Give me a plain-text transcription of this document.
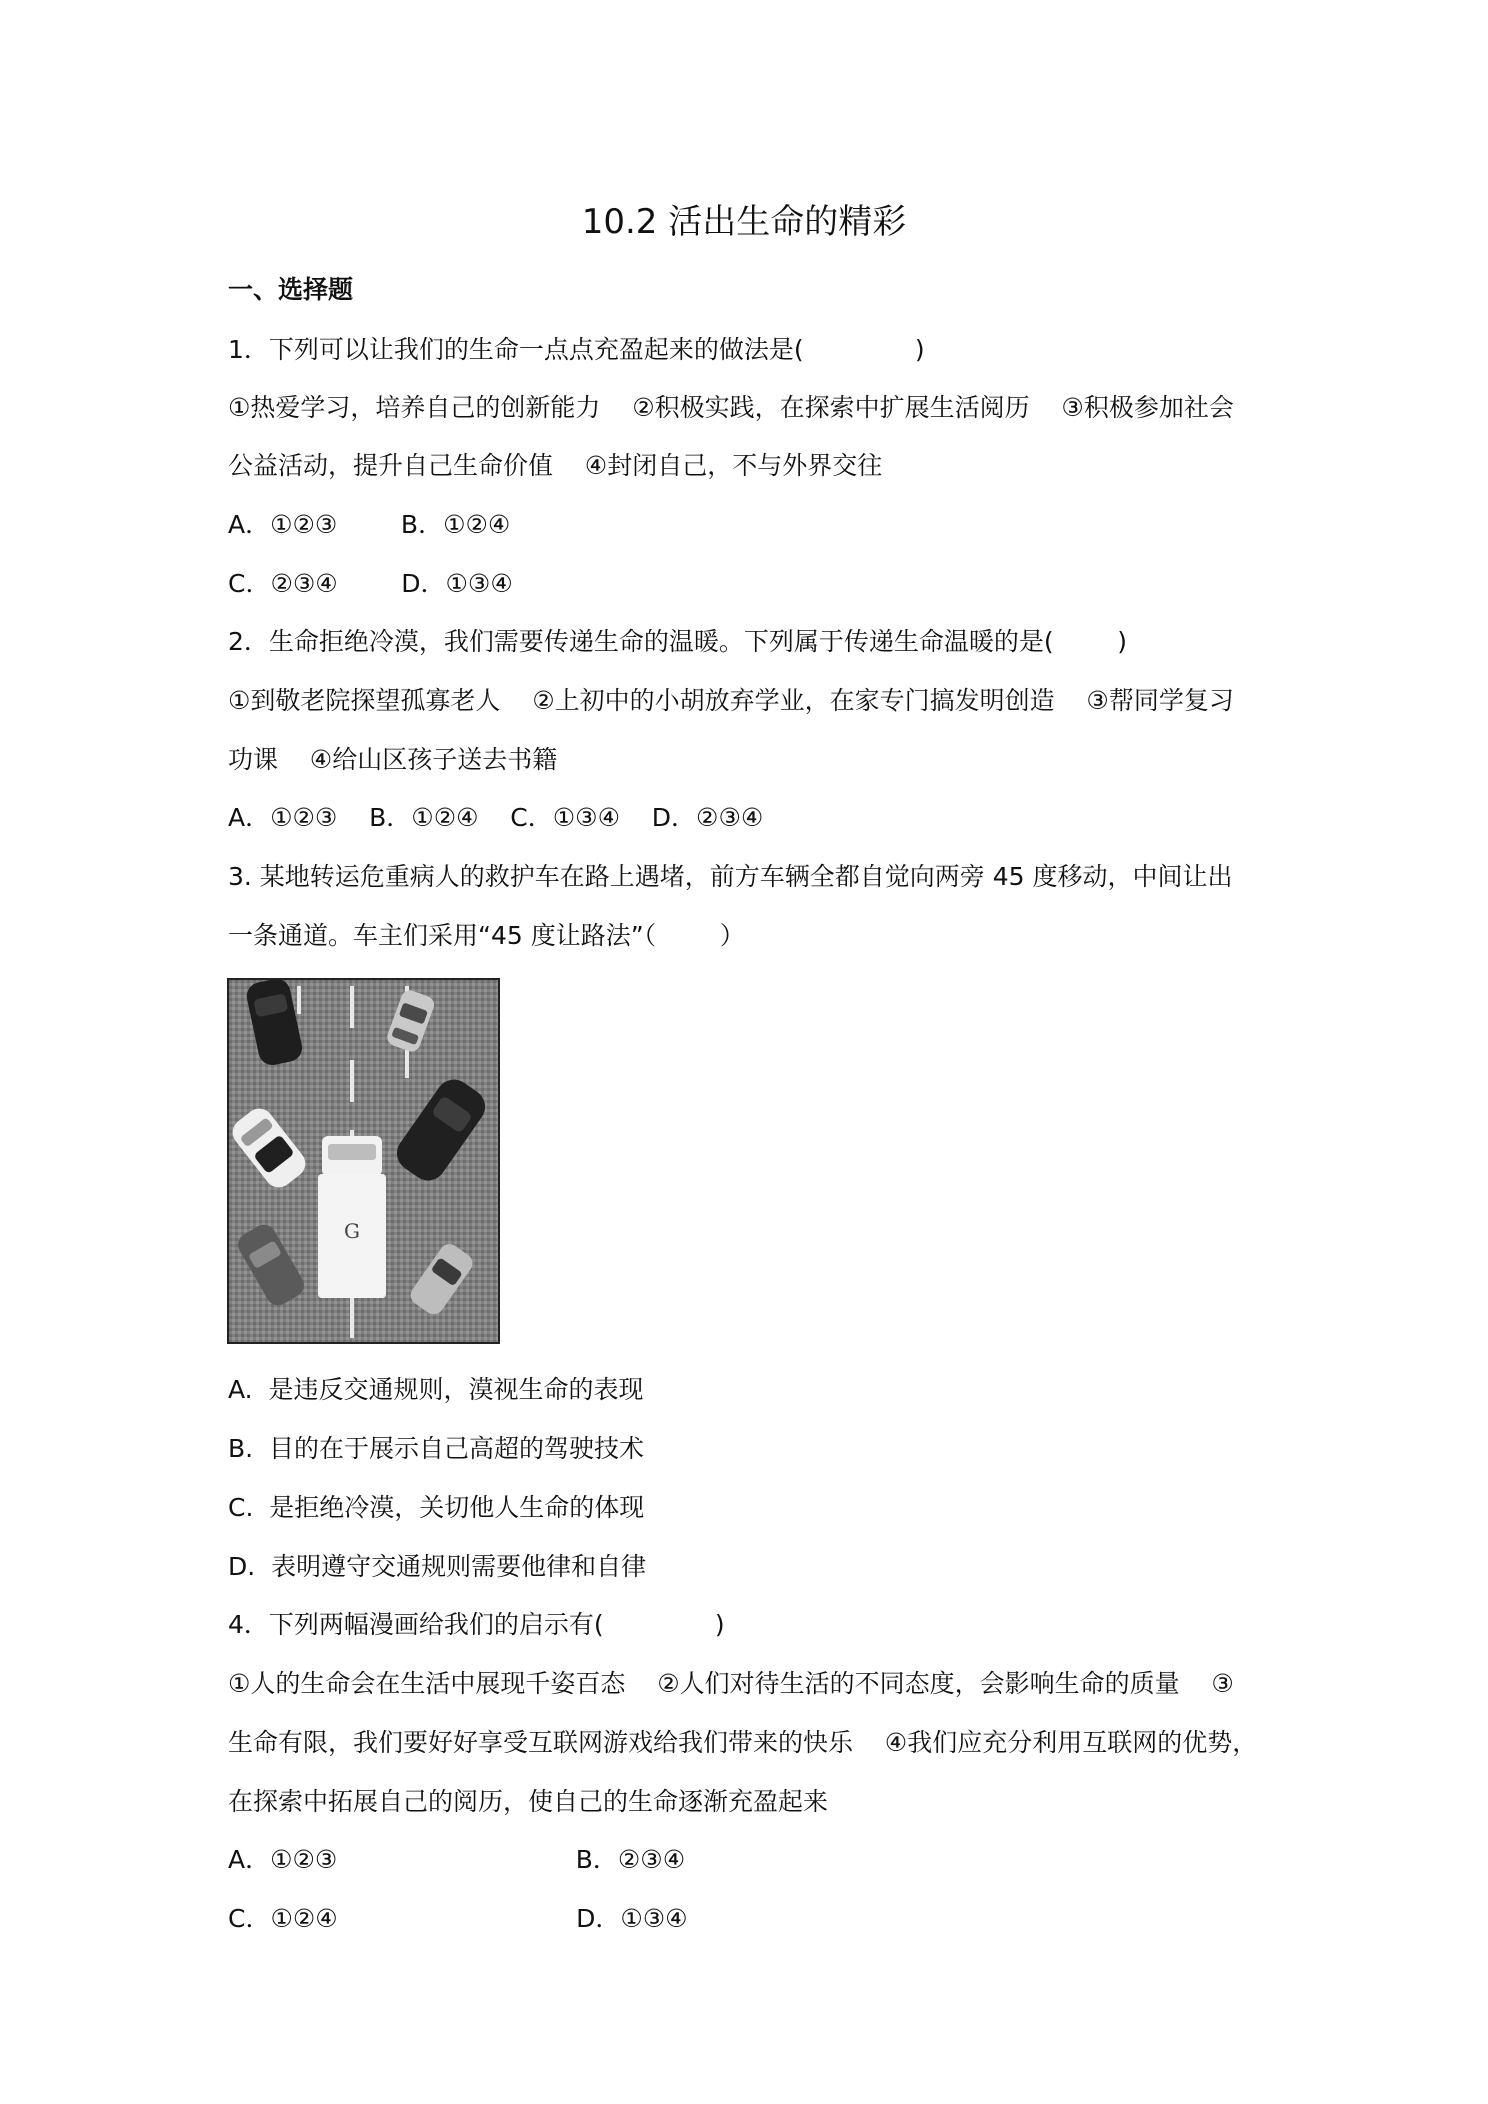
10.2 活出生命的精彩
一、选择题
1．下列可以让我们的生命一点点充盈起来的做法是(              )
①热爱学习，培养自己的创新能力    ②积极实践，在探索中扩展生活阅历    ③积极参加社会
公益活动，提升自己生命价值    ④封闭自己，不与外界交往
A．①②③        B．①②④
C．②③④        D．①③④
2．生命拒绝冷漠，我们需要传递生命的温暖。下列属于传递生命温暖的是(        )
①到敬老院探望孤寡老人    ②上初中的小胡放弃学业，在家专门搞发明创造    ③帮同学复习
功课    ④给山区孩子送去书籍
A．①②③    B．①②④    C．①③④    D．②③④
3. 某地转运危重病人的救护车在路上遇堵，前方车辆全都自觉向两旁 45 度移动，中间让出
一条通道。车主们采用“45 度让路法”（        ）
G
A.  是违反交通规则，漠视生命的表现
B.  目的在于展示自己高超的驾驶技术
C.  是拒绝冷漠，关切他人生命的体现
D.  表明遵守交通规则需要他律和自律
4．下列两幅漫画给我们的启示有(              )
①人的生命会在生活中展现千姿百态    ②人们对待生活的不同态度，会影响生命的质量    ③
生命有限，我们要好好享受互联网游戏给我们带来的快乐    ④我们应充分利用互联网的优势，
在探索中拓展自己的阅历，使自己的生命逐渐充盈起来
A．①②③                              B．②③④
C．①②④                              D．①③④
